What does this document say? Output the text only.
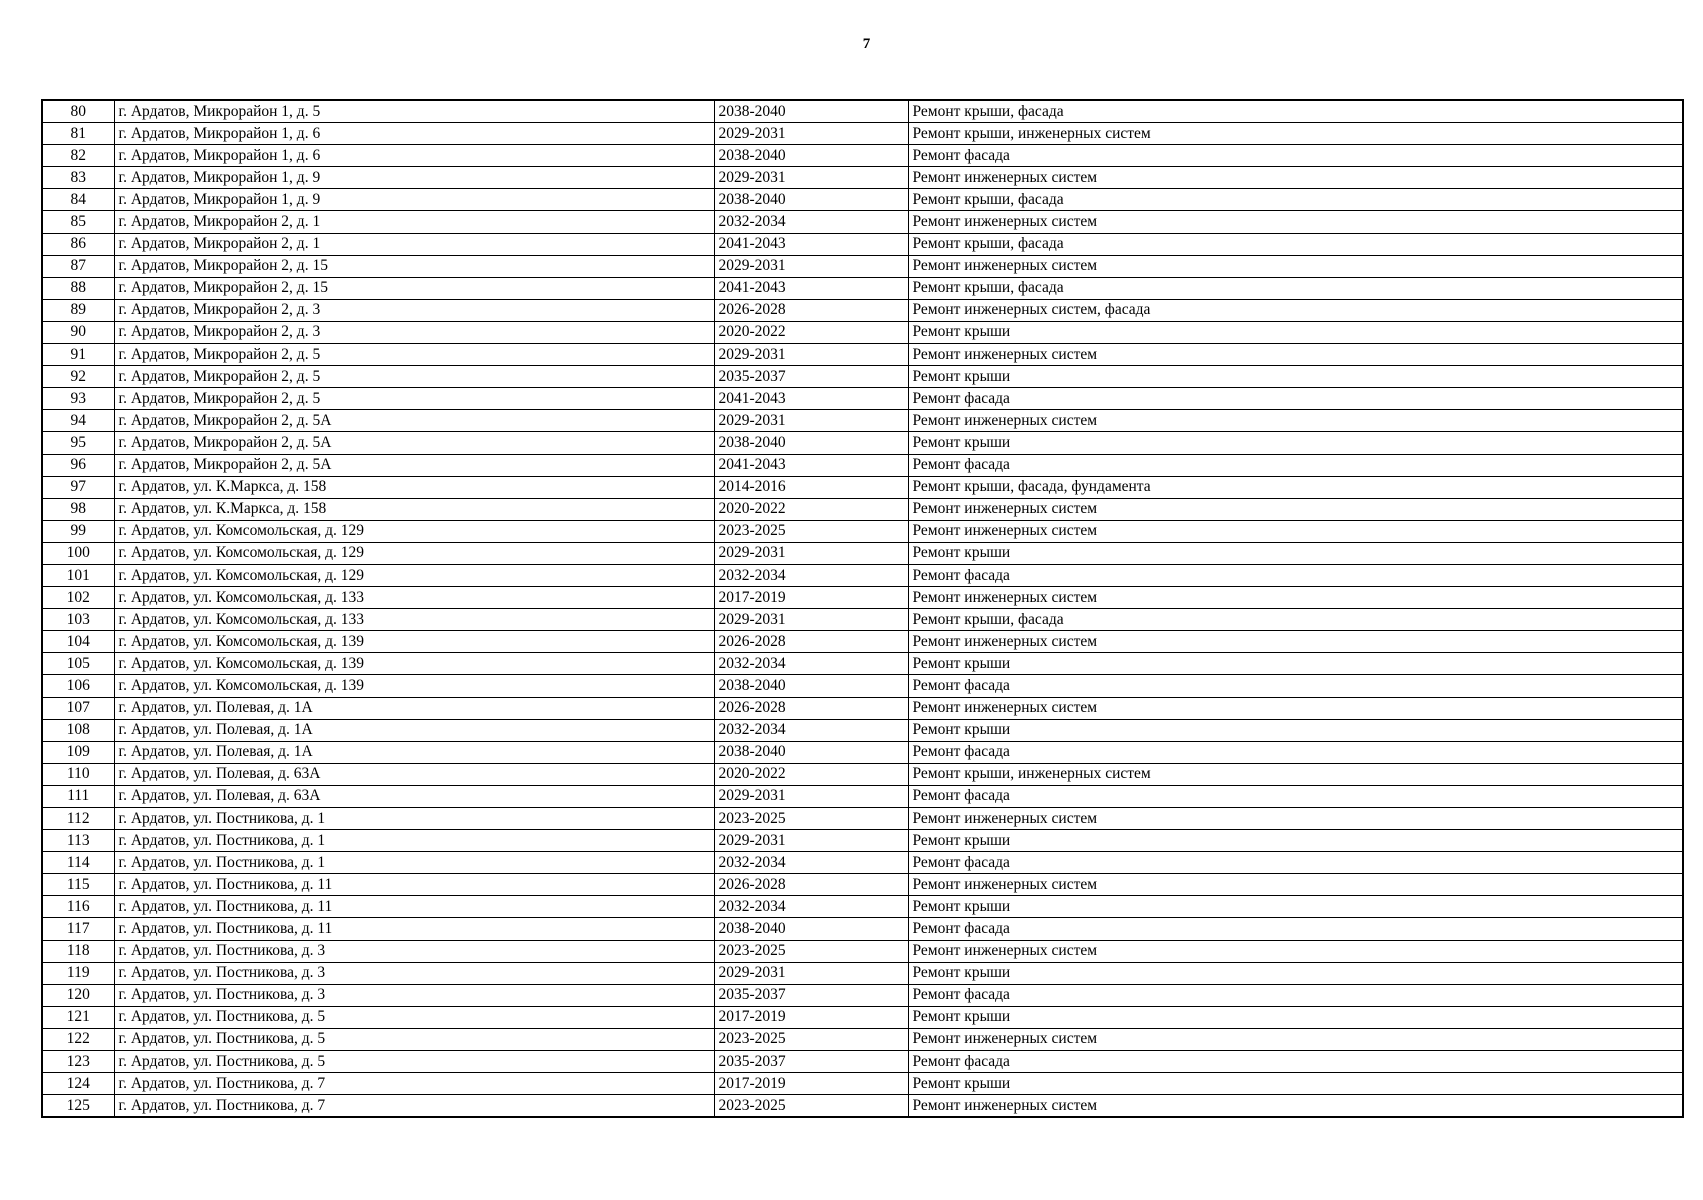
7
80	г. Ардатов, Микрорайон 1, д. 5	2038-2040	Ремонт крыши, фасада
81	г. Ардатов, Микрорайон 1, д. 6	2029-2031	Ремонт крыши, инженерных систем
82	г. Ардатов, Микрорайон 1, д. 6	2038-2040	Ремонт фасада
83	г. Ардатов, Микрорайон 1, д. 9	2029-2031	Ремонт инженерных систем
84	г. Ардатов, Микрорайон 1, д. 9	2038-2040	Ремонт крыши, фасада
85	г. Ардатов, Микрорайон 2, д. 1	2032-2034	Ремонт инженерных систем
86	г. Ардатов, Микрорайон 2, д. 1	2041-2043	Ремонт крыши, фасада
87	г. Ардатов, Микрорайон 2, д. 15	2029-2031	Ремонт инженерных систем
88	г. Ардатов, Микрорайон 2, д. 15	2041-2043	Ремонт крыши, фасада
89	г. Ардатов, Микрорайон 2, д. 3	2026-2028	Ремонт инженерных систем, фасада
90	г. Ардатов, Микрорайон 2, д. 3	2020-2022	Ремонт крыши
91	г. Ардатов, Микрорайон 2, д. 5	2029-2031	Ремонт инженерных систем
92	г. Ардатов, Микрорайон 2, д. 5	2035-2037	Ремонт крыши
93	г. Ардатов, Микрорайон 2, д. 5	2041-2043	Ремонт фасада
94	г. Ардатов, Микрорайон 2, д. 5А	2029-2031	Ремонт инженерных систем
95	г. Ардатов, Микрорайон 2, д. 5А	2038-2040	Ремонт крыши
96	г. Ардатов, Микрорайон 2, д. 5А	2041-2043	Ремонт фасада
97	г. Ардатов, ул. К.Маркса, д. 158	2014-2016	Ремонт крыши, фасада, фундамента
98	г. Ардатов, ул. К.Маркса, д. 158	2020-2022	Ремонт инженерных систем
99	г. Ардатов, ул. Комсомольская, д. 129	2023-2025	Ремонт инженерных систем
100	г. Ардатов, ул. Комсомольская, д. 129	2029-2031	Ремонт крыши
101	г. Ардатов, ул. Комсомольская, д. 129	2032-2034	Ремонт фасада
102	г. Ардатов, ул. Комсомольская, д. 133	2017-2019	Ремонт инженерных систем
103	г. Ардатов, ул. Комсомольская, д. 133	2029-2031	Ремонт крыши, фасада
104	г. Ардатов, ул. Комсомольская, д. 139	2026-2028	Ремонт инженерных систем
105	г. Ардатов, ул. Комсомольская, д. 139	2032-2034	Ремонт крыши
106	г. Ардатов, ул. Комсомольская, д. 139	2038-2040	Ремонт фасада
107	г. Ардатов, ул. Полевая, д. 1А	2026-2028	Ремонт инженерных систем
108	г. Ардатов, ул. Полевая, д. 1А	2032-2034	Ремонт крыши
109	г. Ардатов, ул. Полевая, д. 1А	2038-2040	Ремонт фасада
110	г. Ардатов, ул. Полевая, д. 63А	2020-2022	Ремонт крыши, инженерных систем
111	г. Ардатов, ул. Полевая, д. 63А	2029-2031	Ремонт фасада
112	г. Ардатов, ул. Постникова, д. 1	2023-2025	Ремонт инженерных систем
113	г. Ардатов, ул. Постникова, д. 1	2029-2031	Ремонт крыши
114	г. Ардатов, ул. Постникова, д. 1	2032-2034	Ремонт фасада
115	г. Ардатов, ул. Постникова, д. 11	2026-2028	Ремонт инженерных систем
116	г. Ардатов, ул. Постникова, д. 11	2032-2034	Ремонт крыши
117	г. Ардатов, ул. Постникова, д. 11	2038-2040	Ремонт фасада
118	г. Ардатов, ул. Постникова, д. 3	2023-2025	Ремонт инженерных систем
119	г. Ардатов, ул. Постникова, д. 3	2029-2031	Ремонт крыши
120	г. Ардатов, ул. Постникова, д. 3	2035-2037	Ремонт фасада
121	г. Ардатов, ул. Постникова, д. 5	2017-2019	Ремонт крыши
122	г. Ардатов, ул. Постникова, д. 5	2023-2025	Ремонт инженерных систем
123	г. Ардатов, ул. Постникова, д. 5	2035-2037	Ремонт фасада
124	г. Ардатов, ул. Постникова, д. 7	2017-2019	Ремонт крыши
125	г. Ардатов, ул. Постникова, д. 7	2023-2025	Ремонт инженерных систем
